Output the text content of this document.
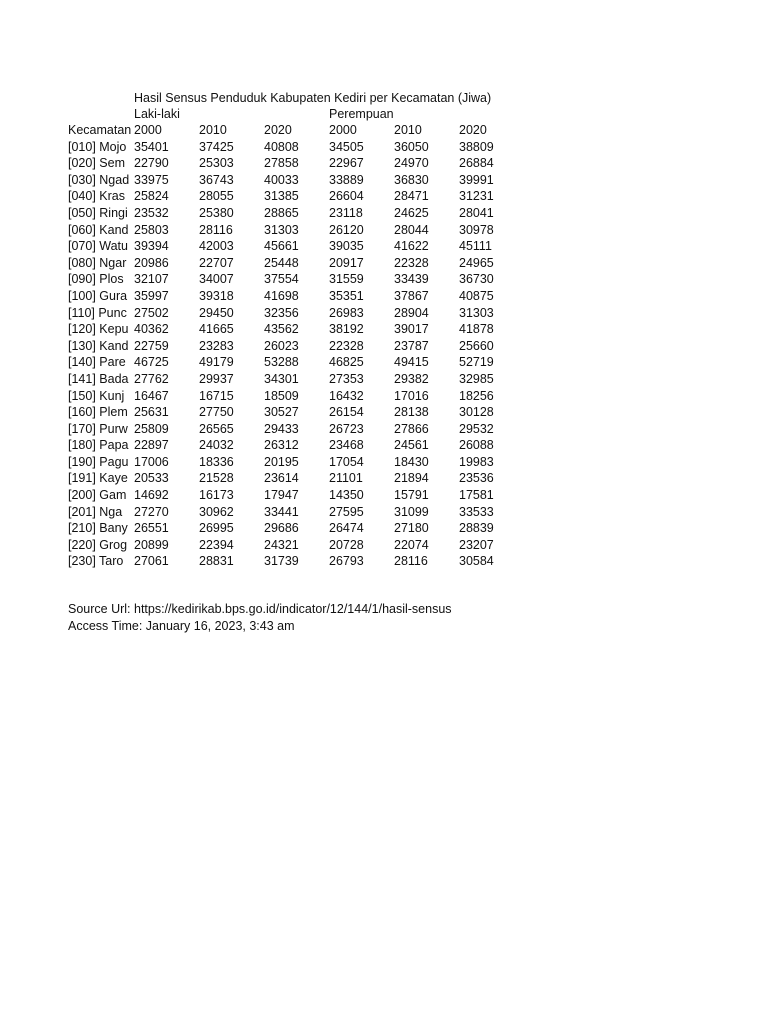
Hasil Sensus Penduduk Kabupaten Kediri per Kecamatan (Jiwa)
Laki-laki	Perempuan
Kecamatan	2000	2010	2020	2000	2010	2020
[010] Mojo	35401	37425	40808	34505	36050	38809
[020] Sem	22790	25303	27858	22967	24970	26884
[030] Ngad	33975	36743	40033	33889	36830	39991
[040] Kras	25824	28055	31385	26604	28471	31231
[050] Ringi	23532	25380	28865	23118	24625	28041
[060] Kand	25803	28116	31303	26120	28044	30978
[070] Watu	39394	42003	45661	39035	41622	45111
[080] Ngar	20986	22707	25448	20917	22328	24965
[090] Plos	32107	34007	37554	31559	33439	36730
[100] Gura	35997	39318	41698	35351	37867	40875
[110] Punc	27502	29450	32356	26983	28904	31303
[120] Kepu	40362	41665	43562	38192	39017	41878
[130] Kand	22759	23283	26023	22328	23787	25660
[140] Pare	46725	49179	53288	46825	49415	52719
[141] Bada	27762	29937	34301	27353	29382	32985
[150] Kunj	16467	16715	18509	16432	17016	18256
[160] Plem	25631	27750	30527	26154	28138	30128
[170] Purw	25809	26565	29433	26723	27866	29532
[180] Papa	22897	24032	26312	23468	24561	26088
[190] Pagu	17006	18336	20195	17054	18430	19983
[191] Kaye	20533	21528	23614	21101	21894	23536
[200] Gam	14692	16173	17947	14350	15791	17581
[201] Nga	27270	30962	33441	27595	31099	33533
[210] Bany	26551	26995	29686	26474	27180	28839
[220] Grog	20899	22394	24321	20728	22074	23207
[230] Taro	27061	28831	31739	26793	28116	30584
Source Url: https://kedirikab.bps.go.id/indicator/12/144/1/hasil-sensus
Access Time: January 16, 2023, 3:43 am
